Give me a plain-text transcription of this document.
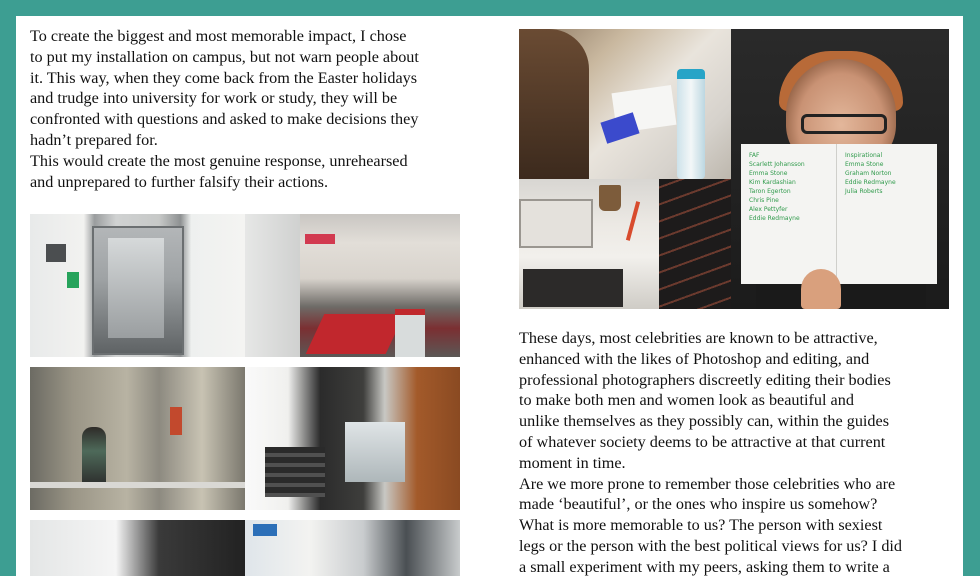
To create the biggest and most memorable impact, I chose
to put my installation on campus, but not warn people about
it. This way, when they come back from the Easter holidays
and trudge into university for work or study, they will be
confronted with questions and asked to make decisions they
hadn’t prepared for.
This would create the most genuine response, unrehearsed
and unprepared to further falsify their actions.

FAF
Scarlett Johansson
Emma Stone
Kim Kardashian
Taron Egerton
Chris Pine
Alex Pettyfer
Eddie Redmayne
Inspirational
Emma Stone
Graham Norton
Eddie Redmayne
Julia Roberts

These days, most celebrities are known to be attractive,
enhanced with the likes of Photoshop and editing, and
professional photographers discreetly editing their bodies
to make both men and women look as beautiful and
unlike themselves as they possibly can, within the guides
of whatever society deems to be attractive at that current
moment in time.
Are we more prone to remember those celebrities who are
made ‘beautiful’, or the ones who inspire us somehow?
What is more memorable to us? The person with sexiest
legs or the person with the best political views for us? I did
a small experiment with my peers, asking them to write a
